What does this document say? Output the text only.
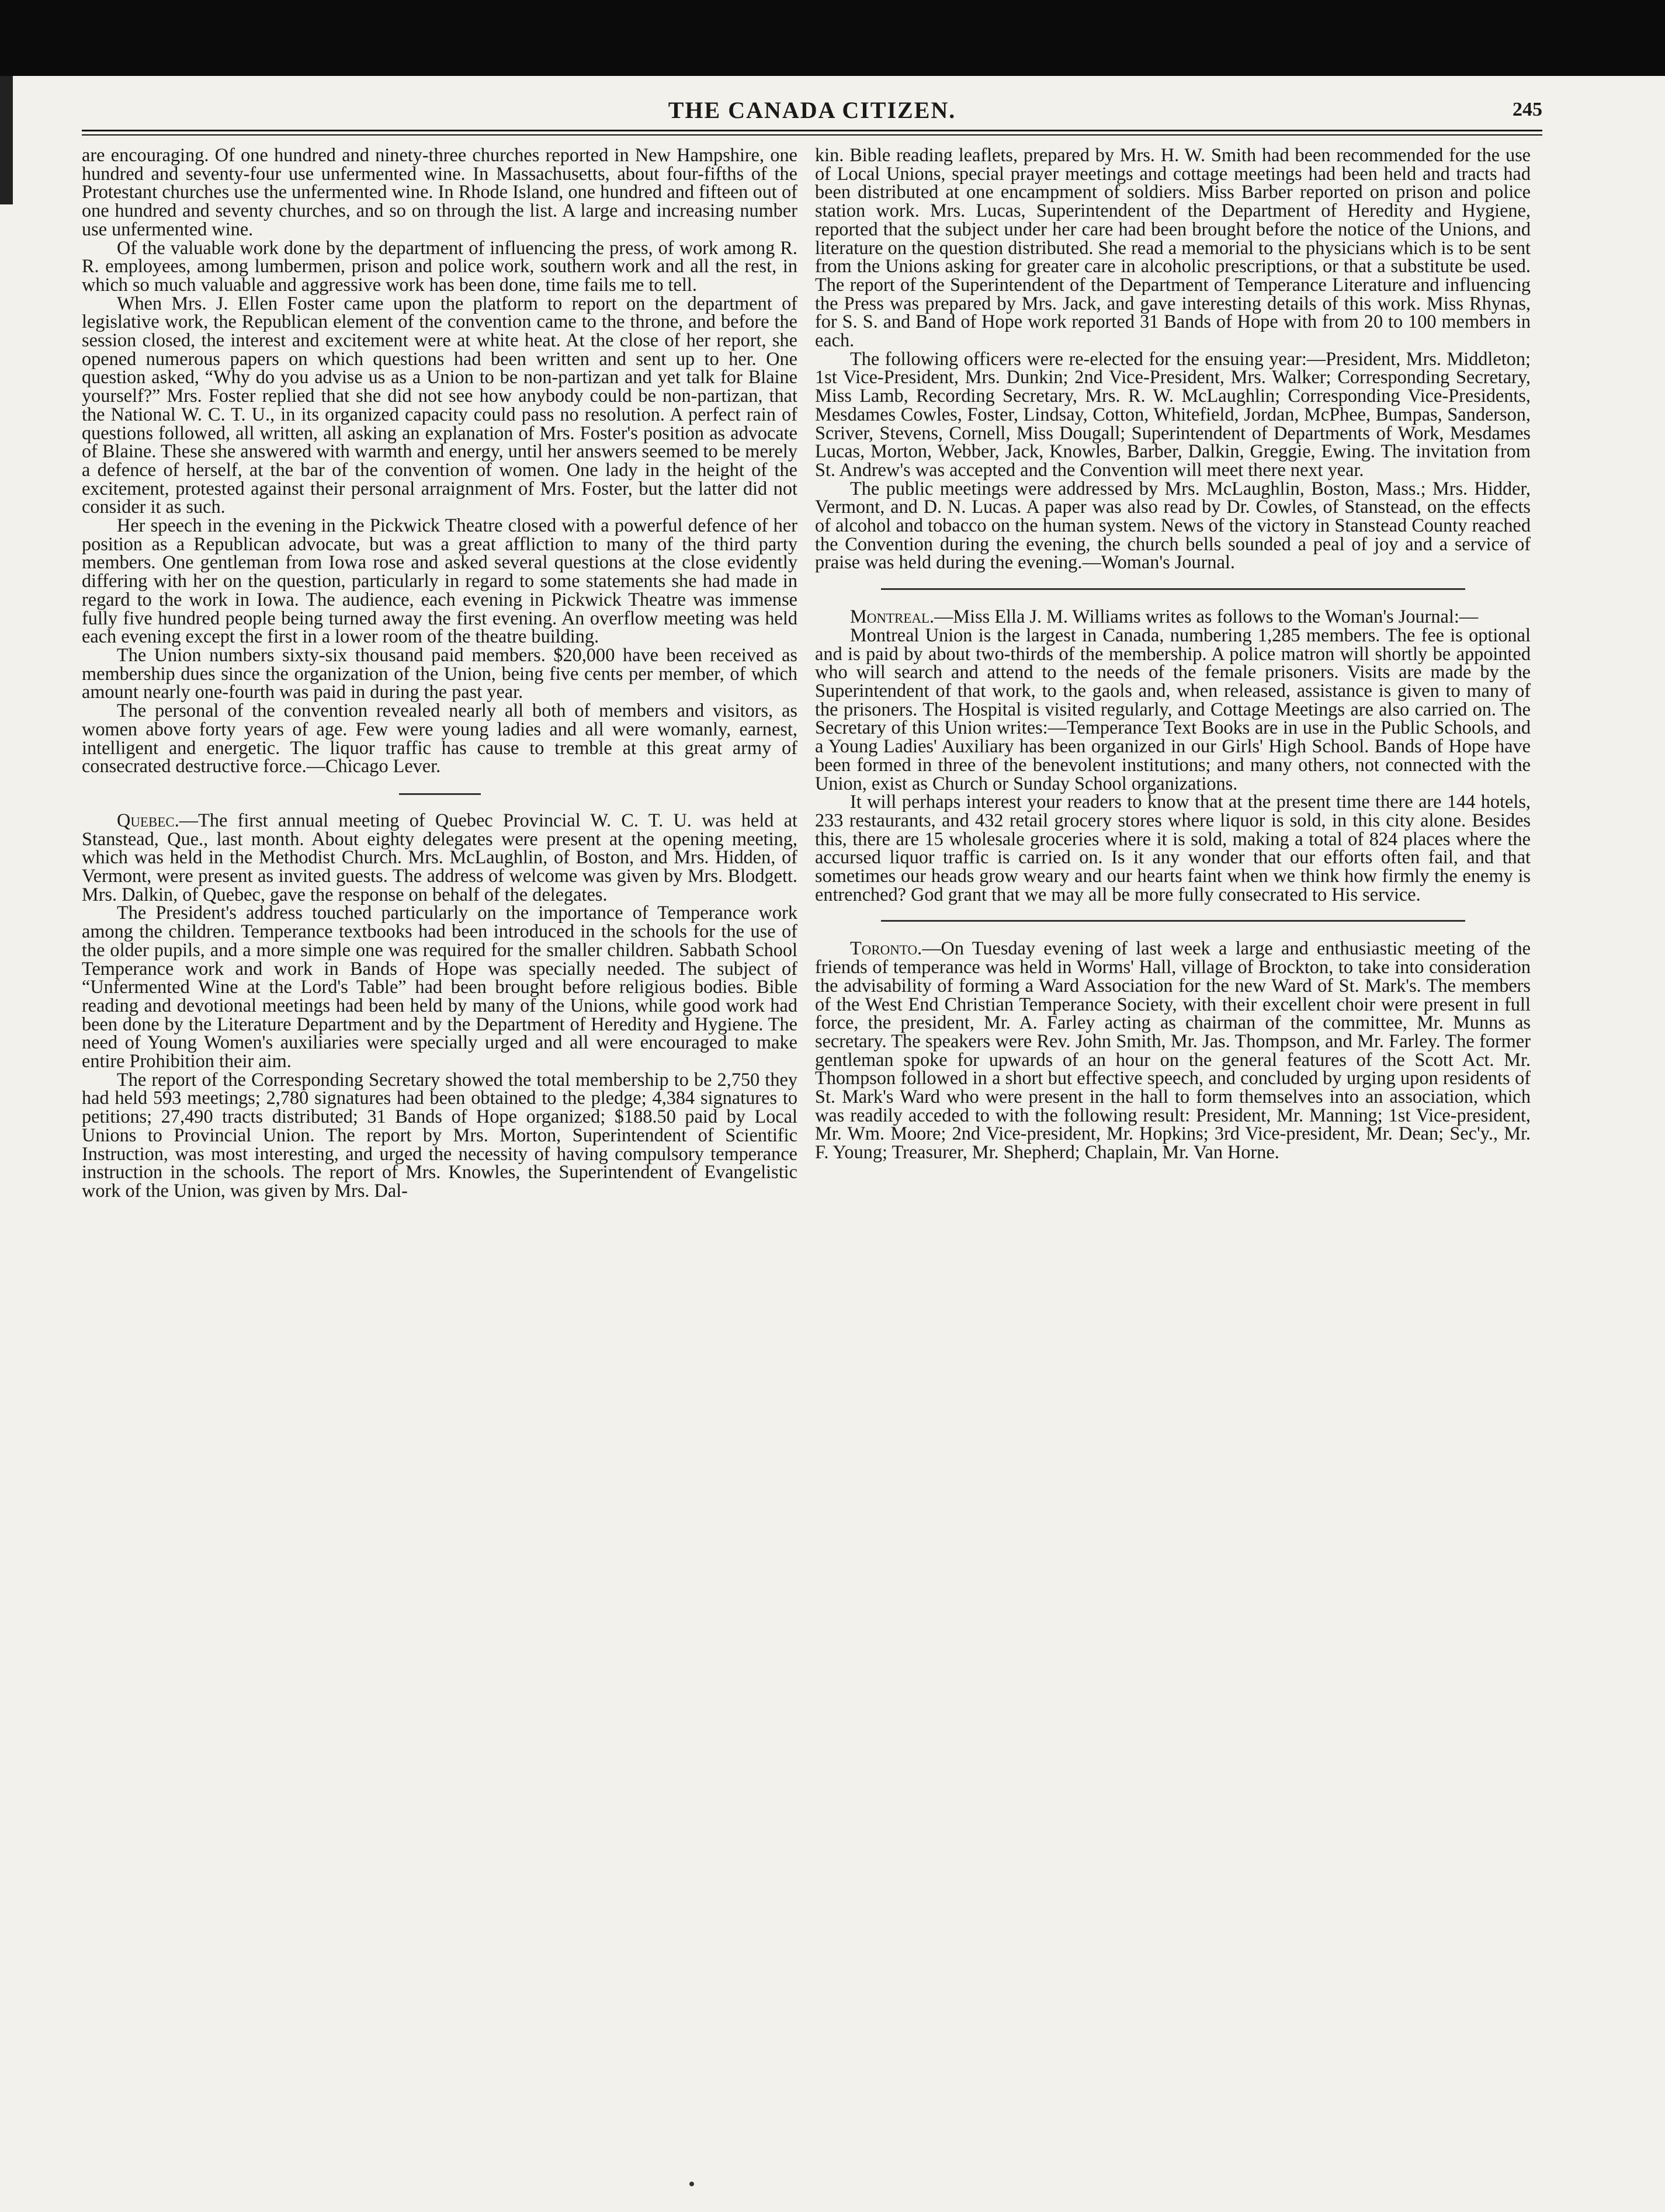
THE CANADA CITIZEN.	245

are encouraging. Of one hundred and ninety-three churches reported in New Hampshire, one hundred and seventy-four use unfermented wine. In Massachusetts, about four-fifths of the Protestant churches use the unfermented wine. In Rhode Island, one hundred and fifteen out of one hundred and seventy churches, and so on through the list. A large and increasing number use unfermented wine.

Of the valuable work done by the department of influencing the press, of work among R. R. employees, among lumbermen, prison and police work, southern work and all the rest, in which so much valuable and aggressive work has been done, time fails me to tell.

When Mrs. J. Ellen Foster came upon the platform to report on the department of legislative work, the Republican element of the convention came to the throne, and before the session closed, the interest and excitement were at white heat. At the close of her report, she opened numerous papers on which questions had been written and sent up to her. One question asked, “Why do you advise us as a Union to be non-partizan and yet talk for Blaine yourself?” Mrs. Foster replied that she did not see how anybody could be non-partizan, that the National W. C. T. U., in its organized capacity could pass no resolution. A perfect rain of questions followed, all written, all asking an explanation of Mrs. Foster's position as advocate of Blaine. These she answered with warmth and energy, until her answers seemed to be merely a defence of herself, at the bar of the convention of women. One lady in the height of the excitement, protested against their personal arraignment of Mrs. Foster, but the latter did not consider it as such.

Her speech in the evening in the Pickwick Theatre closed with a powerful defence of her position as a Republican advocate, but was a great affliction to many of the third party members. One gentleman from Iowa rose and asked several questions at the close evidently differing with her on the question, particularly in regard to some statements she had made in regard to the work in Iowa. The audience, each evening in Pickwick Theatre was immense fully five hundred people being turned away the first evening. An overflow meeting was held each evening except the first in a lower room of the theatre building.

The Union numbers sixty-six thousand paid members. $20,000 have been received as membership dues since the organization of the Union, being five cents per member, of which amount nearly one-fourth was paid in during the past year.

The personal of the convention revealed nearly all both of members and visitors, as women above forty years of age. Few were young ladies and all were womanly, earnest, intelligent and energetic. The liquor traffic has cause to tremble at this great army of consecrated destructive force.—Chicago Lever.

Quebec.—The first annual meeting of Quebec Provincial W. C. T. U. was held at Stanstead, Que., last month. About eighty delegates were present at the opening meeting, which was held in the Methodist Church. Mrs. McLaughlin, of Boston, and Mrs. Hidden, of Vermont, were present as invited guests. The address of welcome was given by Mrs. Blodgett. Mrs. Dalkin, of Quebec, gave the response on behalf of the delegates.

The President's address touched particularly on the importance of Temperance work among the children. Temperance textbooks had been introduced in the schools for the use of the older pupils, and a more simple one was required for the smaller children. Sabbath School Temperance work and work in Bands of Hope was specially needed. The subject of “Unfermented Wine at the Lord's Table” had been brought before religious bodies. Bible reading and devotional meetings had been held by many of the Unions, while good work had been done by the Literature Department and by the Department of Heredity and Hygiene. The need of Young Women's auxiliaries were specially urged and all were encouraged to make entire Prohibition their aim.

The report of the Corresponding Secretary showed the total membership to be 2,750 they had held 593 meetings; 2,780 signatures had been obtained to the pledge; 4,384 signatures to petitions; 27,490 tracts distributed; 31 Bands of Hope organized; $188.50 paid by Local Unions to Provincial Union. The report by Mrs. Morton, Superintendent of Scientific Instruction, was most interesting, and urged the necessity of having compulsory temperance instruction in the schools. The report of Mrs. Knowles, the Superintendent of Evangelistic work of the Union, was given by Mrs. Dal-

kin. Bible reading leaflets, prepared by Mrs. H. W. Smith had been recommended for the use of Local Unions, special prayer meetings and cottage meetings had been held and tracts had been distributed at one encampment of soldiers. Miss Barber reported on prison and police station work. Mrs. Lucas, Superintendent of the Department of Heredity and Hygiene, reported that the subject under her care had been brought before the notice of the Unions, and literature on the question distributed. She read a memorial to the physicians which is to be sent from the Unions asking for greater care in alcoholic prescriptions, or that a substitute be used. The report of the Superintendent of the Department of Temperance Literature and influencing the Press was prepared by Mrs. Jack, and gave interesting details of this work. Miss Rhynas, for S. S. and Band of Hope work reported 31 Bands of Hope with from 20 to 100 members in each.

The following officers were re-elected for the ensuing year:—President, Mrs. Middleton; 1st Vice-President, Mrs. Dunkin; 2nd Vice-President, Mrs. Walker; Corresponding Secretary, Miss Lamb, Recording Secretary, Mrs. R. W. McLaughlin; Corresponding Vice-Presidents, Mesdames Cowles, Foster, Lindsay, Cotton, Whitefield, Jordan, McPhee, Bumpas, Sanderson, Scriver, Stevens, Cornell, Miss Dougall; Superintendent of Departments of Work, Mesdames Lucas, Morton, Webber, Jack, Knowles, Barber, Dalkin, Greggie, Ewing. The invitation from St. Andrew's was accepted and the Convention will meet there next year.

The public meetings were addressed by Mrs. McLaughlin, Boston, Mass.; Mrs. Hidder, Vermont, and D. N. Lucas. A paper was also read by Dr. Cowles, of Stanstead, on the effects of alcohol and tobacco on the human system. News of the victory in Stanstead County reached the Convention during the evening, the church bells sounded a peal of joy and a service of praise was held during the evening.—Woman's Journal.

Montreal.—Miss Ella J. M. Williams writes as follows to the Woman's Journal:—

Montreal Union is the largest in Canada, numbering 1,285 members. The fee is optional and is paid by about two-thirds of the membership. A police matron will shortly be appointed who will search and attend to the needs of the female prisoners. Visits are made by the Superintendent of that work, to the gaols and, when released, assistance is given to many of the prisoners. The Hospital is visited regularly, and Cottage Meetings are also carried on. The Secretary of this Union writes:—Temperance Text Books are in use in the Public Schools, and a Young Ladies' Auxiliary has been organized in our Girls' High School. Bands of Hope have been formed in three of the benevolent institutions; and many others, not connected with the Union, exist as Church or Sunday School organizations.

It will perhaps interest your readers to know that at the present time there are 144 hotels, 233 restaurants, and 432 retail grocery stores where liquor is sold, in this city alone. Besides this, there are 15 wholesale groceries where it is sold, making a total of 824 places where the accursed liquor traffic is carried on. Is it any wonder that our efforts often fail, and that sometimes our heads grow weary and our hearts faint when we think how firmly the enemy is entrenched? God grant that we may all be more fully consecrated to His service.

Toronto.—On Tuesday evening of last week a large and enthusiastic meeting of the friends of temperance was held in Worms' Hall, village of Brockton, to take into consideration the advisability of forming a Ward Association for the new Ward of St. Mark's. The members of the West End Christian Temperance Society, with their excellent choir were present in full force, the president, Mr. A. Farley acting as chairman of the committee, Mr. Munns as secretary. The speakers were Rev. John Smith, Mr. Jas. Thompson, and Mr. Farley. The former gentleman spoke for upwards of an hour on the general features of the Scott Act. Mr. Thompson followed in a short but effective speech, and concluded by urging upon residents of St. Mark's Ward who were present in the hall to form themselves into an association, which was readily acceded to with the following result: President, Mr. Manning; 1st Vice-president, Mr. Wm. Moore; 2nd Vice-president, Mr. Hopkins; 3rd Vice-president, Mr. Dean; Sec'y., Mr. F. Young; Treasurer, Mr. Shepherd; Chaplain, Mr. Van Horne.
